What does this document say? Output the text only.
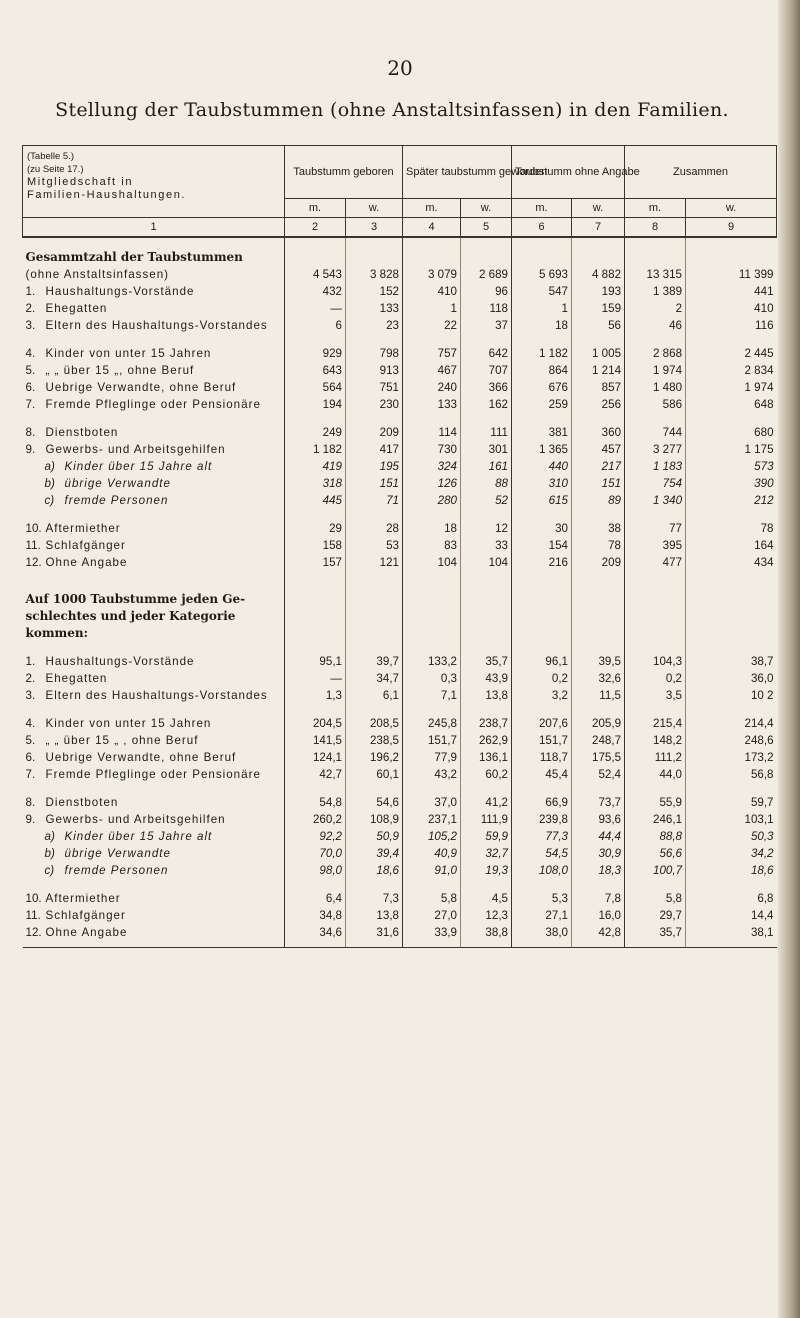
20
Stellung der Taubstummen (ohne Anstaltsinfassen) in den Familien.
(Tabelle 5.)
(zu Seite 17.)
Mitgliedschaft in
Familien-Haushaltungen.	Taubstumm geboren		Später taubstumm geworden		Taubstumm ohne Angabe		Zusammen	
	m.	w.	m.	w.	m.	w.	m.	w.
1	2	3	4	5	6	7	8	9

Gesammtzahl der Taubstummen								
(ohne Anstaltsinfassen)	4 543	3 828	3 079	2 689	5 693	4 882	13 315	11 399
1. Haushaltungs-Vorstände	432	152	410	96	547	193	1 389	441
2. Ehegatten	—	133	1	118	1	159	2	410
3. Eltern des Haushaltungs-Vorstandes	6	23	22	37	18	56	46	116

4. Kinder von unter 15 Jahren	929	798	757	642	1 182	1 005	2 868	2 445
5. „ „ über 15 „, ohne Beruf	643	913	467	707	864	1 214	1 974	2 834
6. Uebrige Verwandte, ohne Beruf	564	751	240	366	676	857	1 480	1 974
7. Fremde Pfleglinge oder Pensionäre	194	230	133	162	259	256	586	648

8. Dienstboten	249	209	114	111	381	360	744	680
9. Gewerbs- und Arbeitsgehilfen	1 182	417	730	301	1 365	457	3 277	1 175
a) Kinder über 15 Jahre alt	419	195	324	161	440	217	1 183	573
b) übrige Verwandte	318	151	126	88	310	151	754	390
c) fremde Personen	445	71	280	52	615	89	1 340	212

10. Aftermiether	29	28	18	12	30	38	77	78
11. Schlafgänger	158	53	83	33	154	78	395	164
12. Ohne Angabe	157	121	104	104	216	209	477	434

Auf 1000 Taubstumme jeden Ge-								
schlechtes und jeder Kategorie								
kommen:								

1. Haushaltungs-Vorstände	95,1	39,7	133,2	35,7	96,1	39,5	104,3	38,7
2. Ehegatten	—	34,7	0,3	43,9	0,2	32,6	0,2	36,0
3. Eltern des Haushaltungs-Vorstandes	1,3	6,1	7,1	13,8	3,2	11,5	3,5	10 2

4. Kinder von unter 15 Jahren	204,5	208,5	245,8	238,7	207,6	205,9	215,4	214,4
5. „ „ über 15 „ , ohne Beruf	141,5	238,5	151,7	262,9	151,7	248,7	148,2	248,6
6. Uebrige Verwandte, ohne Beruf	124,1	196,2	77,9	136,1	118,7	175,5	111,2	173,2
7. Fremde Pfleglinge oder Pensionäre	42,7	60,1	43,2	60,2	45,4	52,4	44,0	56,8

8. Dienstboten	54,8	54,6	37,0	41,2	66,9	73,7	55,9	59,7
9. Gewerbs- und Arbeitsgehilfen	260,2	108,9	237,1	111,9	239,8	93,6	246,1	103,1
a) Kinder über 15 Jahre alt	92,2	50,9	105,2	59,9	77,3	44,4	88,8	50,3
b) übrige Verwandte	70,0	39,4	40,9	32,7	54,5	30,9	56,6	34,2
c) fremde Personen	98,0	18,6	91,0	19,3	108,0	18,3	100,7	18,6

10. Aftermiether	6,4	7,3	5,8	4,5	5,3	7,8	5,8	6,8
11. Schlafgänger	34,8	13,8	27,0	12,3	27,1	16,0	29,7	14,4
12. Ohne Angabe	34,6	31,6	33,9	38,8	38,0	42,8	35,7	38,1
